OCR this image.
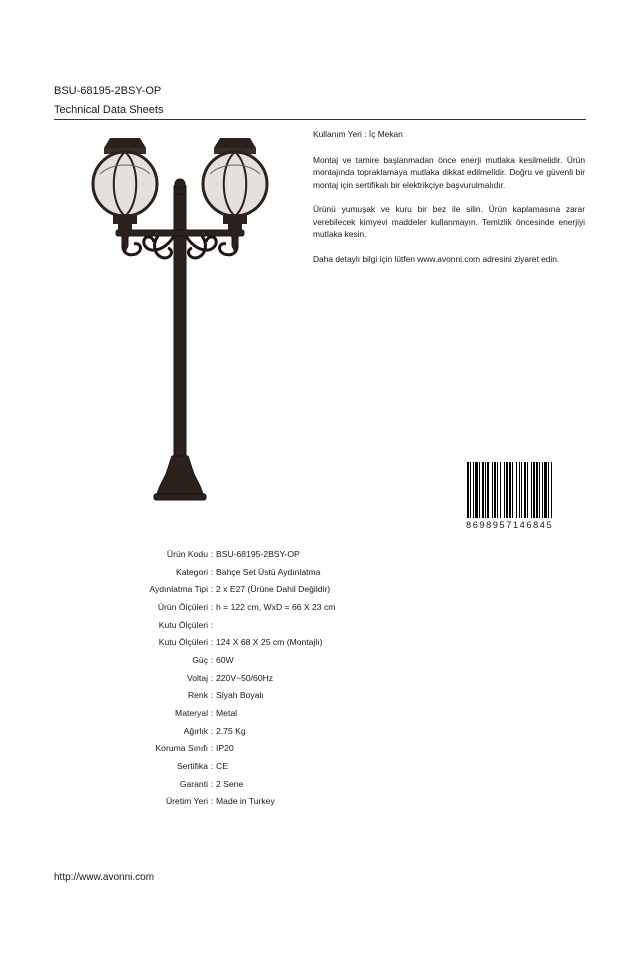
BSU-68195-2BSY-OP
Technical Data Sheets

Kullanım Yeri : İç Mekan

Montaj ve tamire başlanmadan önce enerji mutlaka kesilmelidir. Ürün montajında topraklamaya mutlaka dikkat edilmelidir. Doğru ve güvenli bir montaj için sertifikalı bir elektrikçiye başvurulmalıdır.

Ürünü yumuşak ve kuru bir bez ile silin. Ürün kaplamasına zarar verebilecek kimyevi maddeler kullanmayın. Temizlik öncesinde enerjiyi mutlaka kesin.

Daha detaylı bilgi için lütfen www.avonni.com adresini ziyaret edin.

8698957146845
Ürün Kodu : BSU-68195-2BSY-OP
Kategori : Bahçe Set Üstü Aydınlatma
Aydınlatma Tipi : 2 x E27 (Ürüne Dahil Değildir)
Ürün Ölçüleri : h = 122 cm, WxD = 66 X 23 cm
Kutu Ölçüleri :
Kutu Ölçüleri : 124 X 68 X 25 cm (Montajlı)
Güç : 60W
Voltaj : 220V~50/60Hz
Renk : Siyah Boyalı
Materyal : Metal
Ağırlık : 2.75 Kg
Koruma Sınıfı : IP20
Sertifika : CE
Garanti : 2 Sene
Üretim Yeri : Made in Turkey
http://www.avonni.com
